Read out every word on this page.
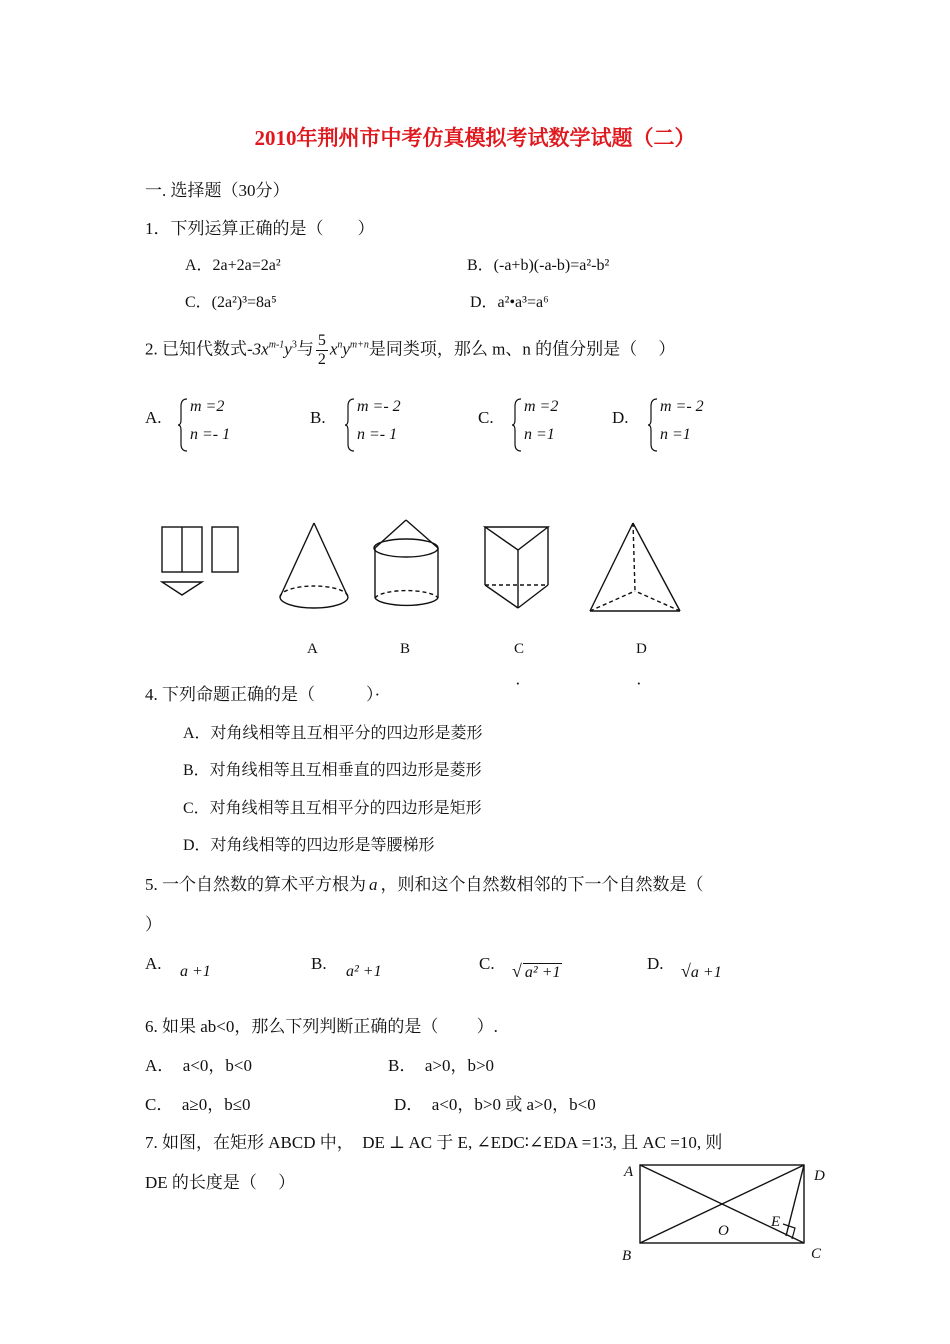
2010年荆州市中考仿真模拟考试数学试题（二）
一. 选择题（30分）
1．下列运算正确的是（　　）
A．2a+2a=2a²	B．(-a+b)(-a-b)=a²-b²
C．(2a²)³=8a⁵	D．a²•a³=a⁶
2. 已知代数式$-3x^{m-1}y^3$与 $\frac{5}{2} x^ny^{m+n}$是同类项，那么 m、n 的值分别是（　 ）
A.
m =2
n =- 1
B.
m =- 2
n =- 1
C.
m =2
n =1
D.
m =- 2
n =1
A	B	C	D
4. 下列命题正确的是（　　　）·
·	·
A．对角线相等且互相平分的四边形是菱形
B．对角线相等且互相垂直的四边形是菱形
C．对角线相等且互相平分的四边形是矩形
D．对角线相等的四边形是等腰梯形
5. 一个自然数的算术平方根为 a ，则和这个自然数相邻的下一个自然数是（
）
A. a +1	B. a² +1	C. √ a² +1	D. √a +1
6. 如果 ab<0，那么下列判断正确的是（　　 ）.
A．　a<0，b<0	B．　a>0，b>0
C．　a≥0，b≤0	D．　a<0，b>0 或 a>0，b<0
7. 如图，在矩形 ABCD 中，　DE ⊥ AC 于 E, ∠EDC∶∠EDA =1∶3, 且 AC =10, 则
DE 的长度是（　 ）
A	D
B	C
O
E
